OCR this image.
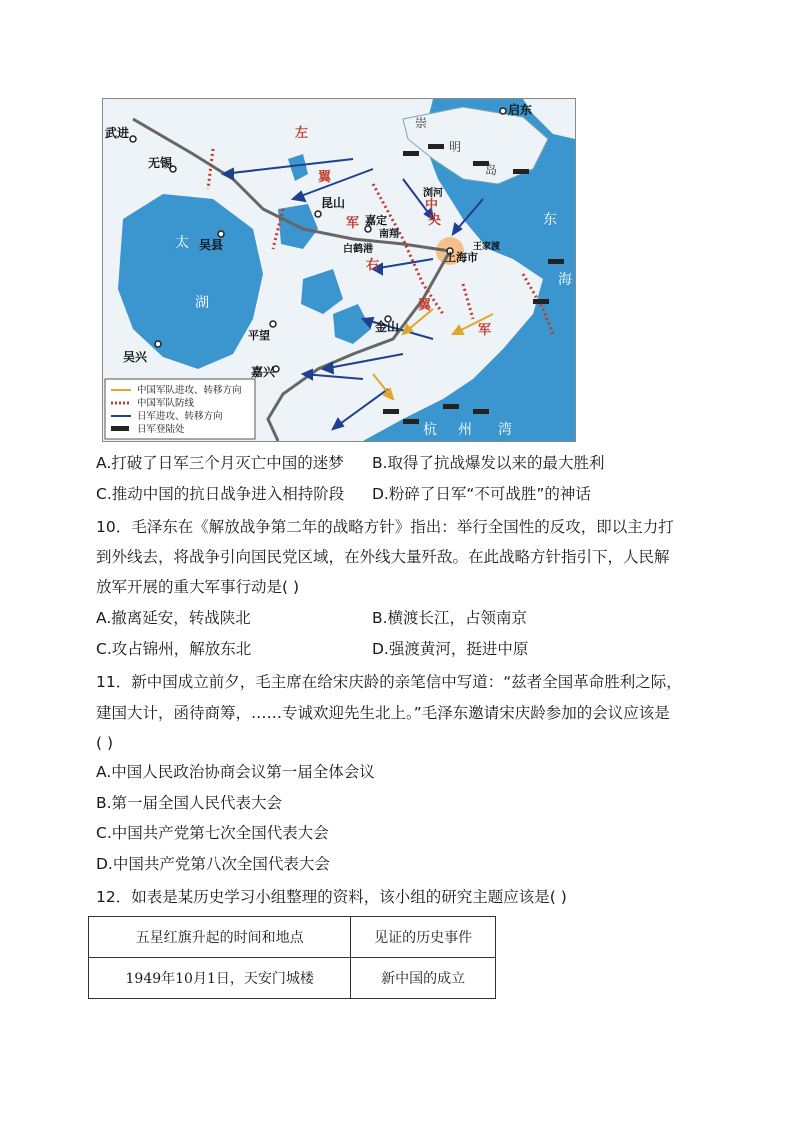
武进
无锡
吴县
昆山
嘉定
南翔
上海市
白鹤港
平望
金山
嘉兴
吴兴
启东
王家渡
浏河
太
湖
东
海
杭 州 湾
崇
明
岛
左
翼
军
中
央
右
翼
军
中国军队进攻、转移方向
中国军队防线
日军进攻、转移方向
日军登陆处
A.打破了日军三个月灭亡中国的迷梦 B.取得了抗战爆发以来的最大胜利
C.推动中国的抗日战争进入相持阶段 D.粉碎了日军“不可战胜”的神话
10．毛泽东在《解放战争第二年的战略方针》指出：举行全国性的反攻，即以主力打
到外线去，将战争引向国民党区域，在外线大量歼敌。在此战略方针指引下，人民解
放军开展的重大军事行动是( )
A.撤离延安，转战陕北	B.横渡长江，占领南京
C.攻占锦州，解放东北	D.强渡黄河，挺进中原
11．新中国成立前夕，毛主席在给宋庆龄的亲笔信中写道：“兹者全国革命胜利之际，
建国大计，函待商筹，……专诚欢迎先生北上。”毛泽东邀请宋庆龄参加的会议应该是
( )
A.中国人民政治协商会议第一届全体会议
B.第一届全国人民代表大会
C.中国共产党第七次全国代表大会
D.中国共产党第八次全国代表大会
12．如表是某历史学习小组整理的资料，该小组的研究主题应该是( )
五星红旗升起的时间和地点	见证的历史事件
1949年10月1日，天安门城楼	新中国的成立
